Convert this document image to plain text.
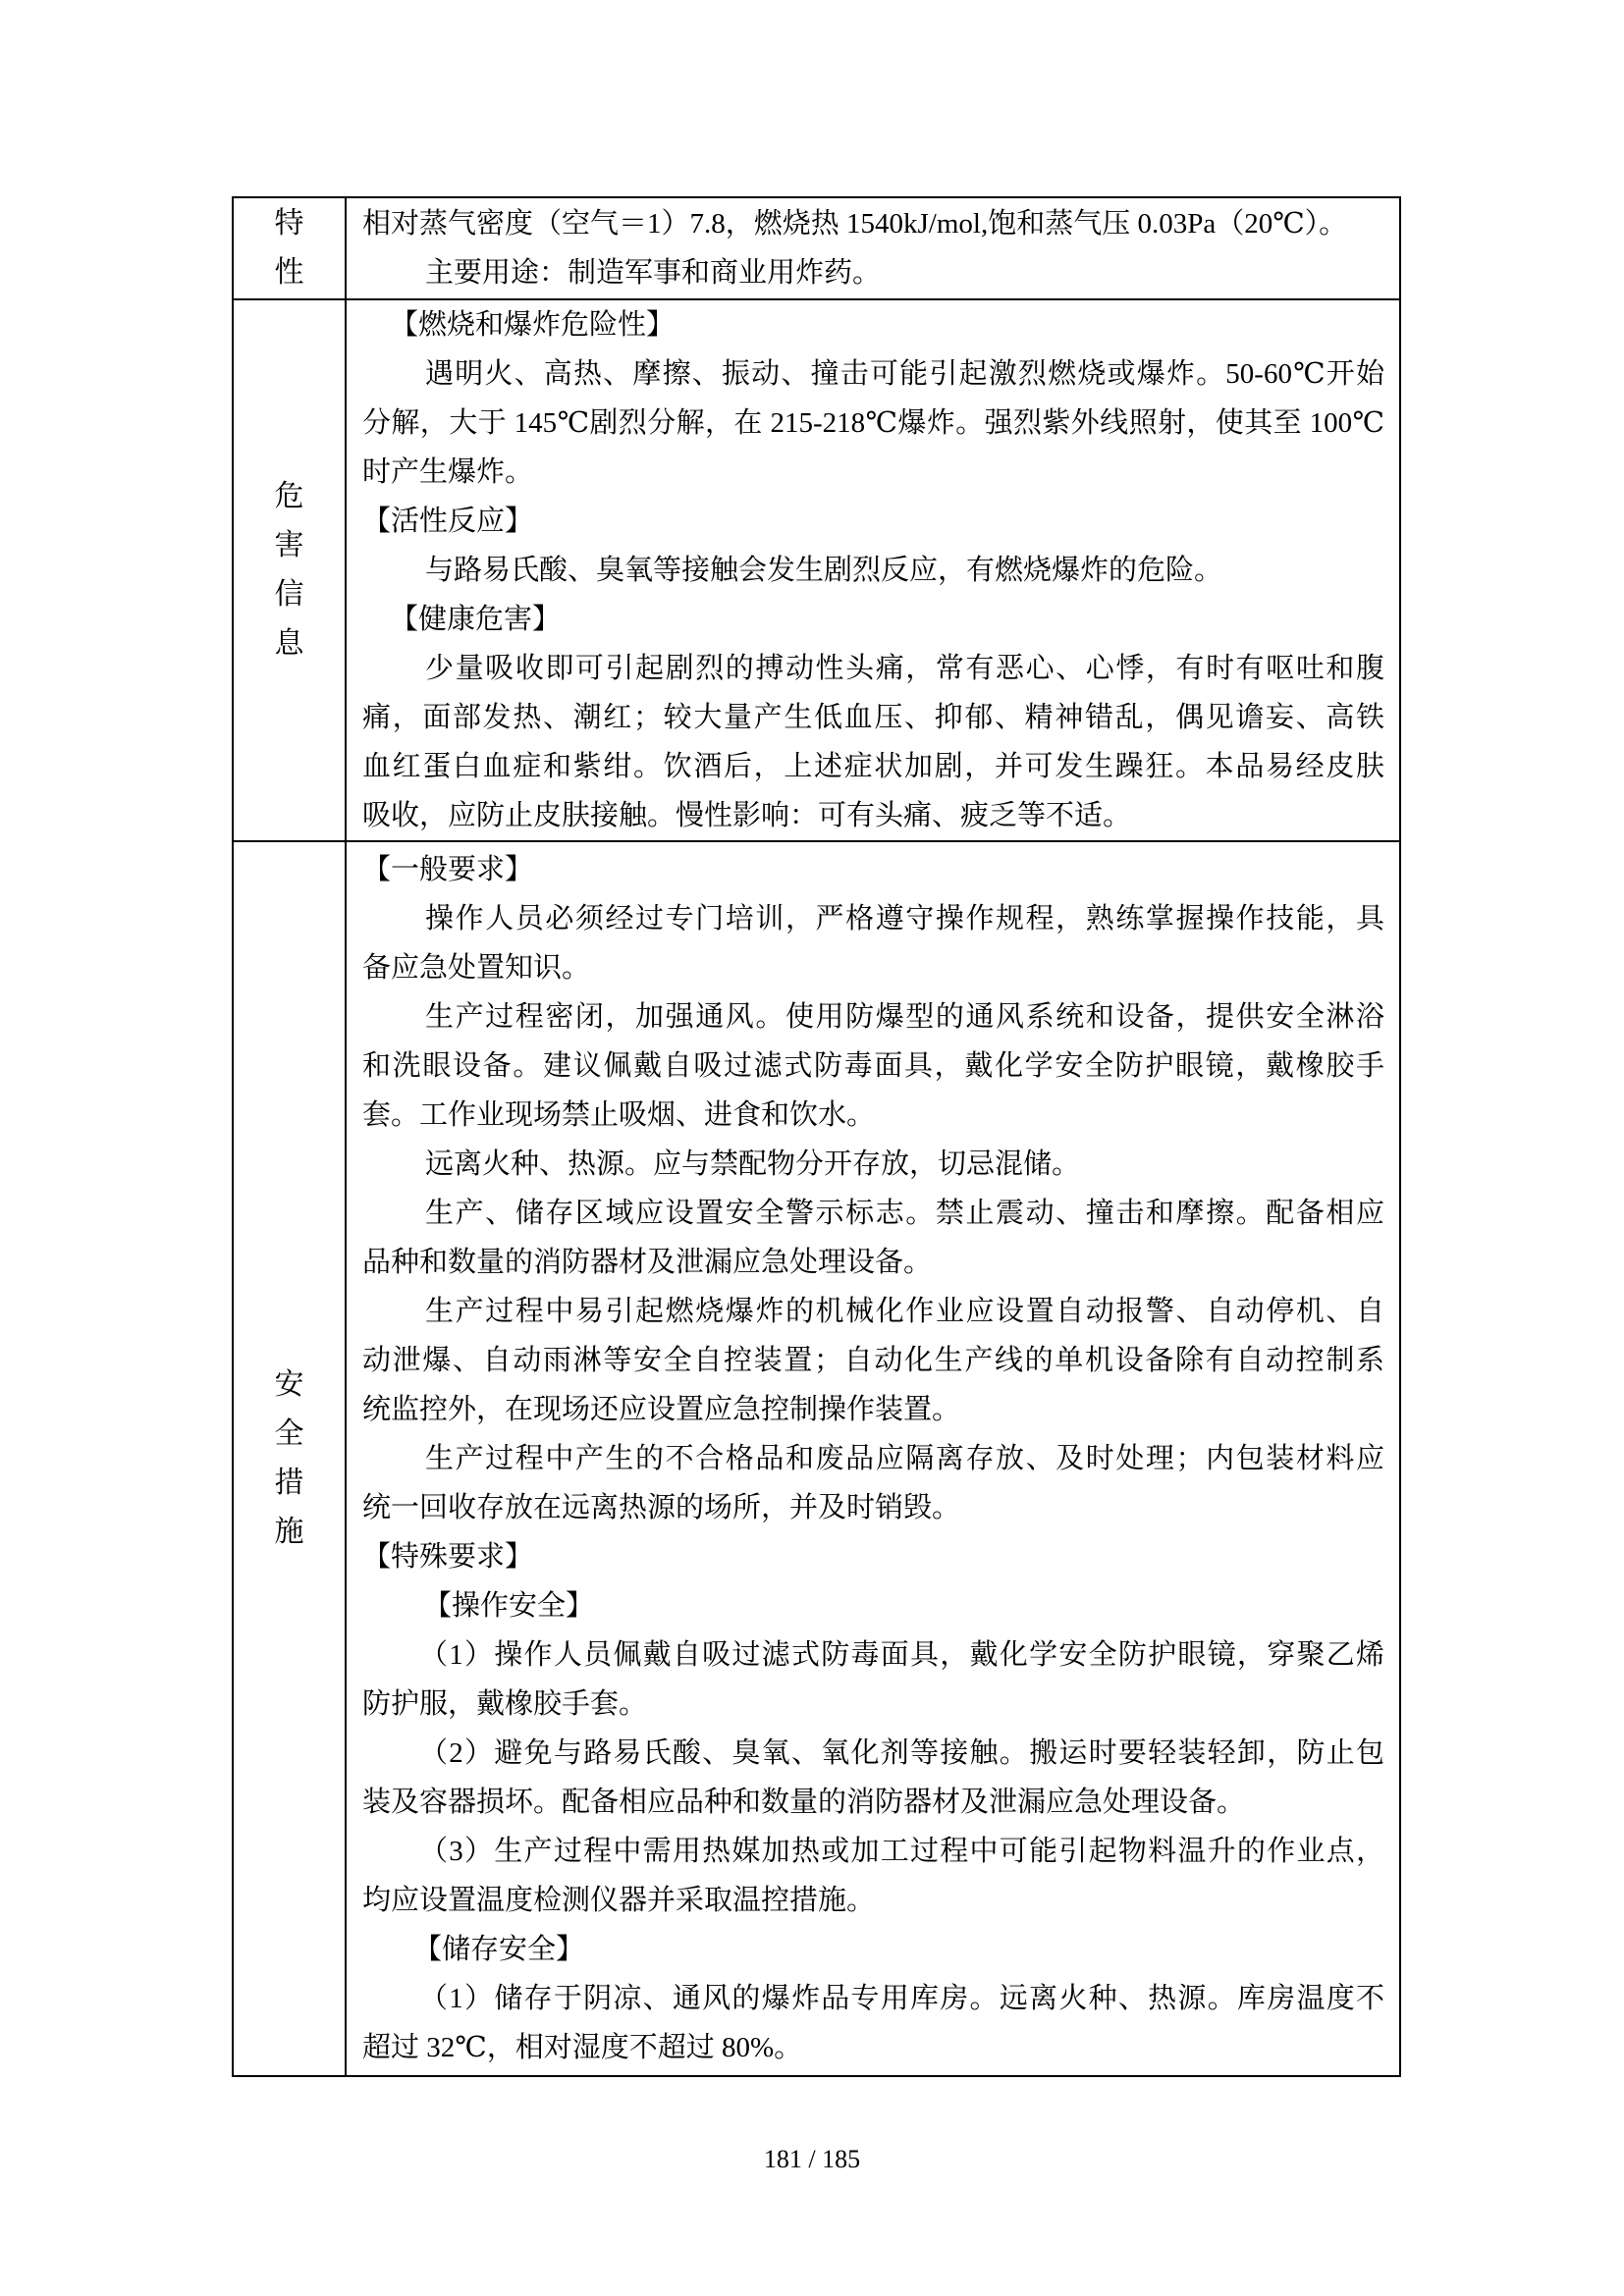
特性
相对蒸气密度（空气＝1）7.8，燃烧热 1540kJ/mol,饱和蒸气压 0.03Pa（20℃）。
主要用途：制造军事和商业用炸药。
危害信息
【燃烧和爆炸危险性】
遇明火、高热、摩擦、振动、撞击可能引起激烈燃烧或爆炸。50-60℃开始
分解，大于 145℃剧烈分解，在 215-218℃爆炸。强烈紫外线照射，使其至 100℃
时产生爆炸。
【活性反应】
与路易氏酸、臭氧等接触会发生剧烈反应，有燃烧爆炸的危险。
【健康危害】
少量吸收即可引起剧烈的搏动性头痛，常有恶心、心悸，有时有呕吐和腹
痛，面部发热、潮红；较大量产生低血压、抑郁、精神错乱，偶见谵妄、高铁
血红蛋白血症和紫绀。饮酒后，上述症状加剧，并可发生躁狂。本品易经皮肤
吸收，应防止皮肤接触。慢性影响：可有头痛、疲乏等不适。
安全措施
【一般要求】
操作人员必须经过专门培训，严格遵守操作规程，熟练掌握操作技能，具
备应急处置知识。
生产过程密闭，加强通风。使用防爆型的通风系统和设备，提供安全淋浴
和洗眼设备。建议佩戴自吸过滤式防毒面具，戴化学安全防护眼镜，戴橡胶手
套。工作业现场禁止吸烟、进食和饮水。
远离火种、热源。应与禁配物分开存放，切忌混储。
生产、储存区域应设置安全警示标志。禁止震动、撞击和摩擦。配备相应
品种和数量的消防器材及泄漏应急处理设备。
生产过程中易引起燃烧爆炸的机械化作业应设置自动报警、自动停机、自
动泄爆、自动雨淋等安全自控装置；自动化生产线的单机设备除有自动控制系
统监控外，在现场还应设置应急控制操作装置。
生产过程中产生的不合格品和废品应隔离存放、及时处理；内包装材料应
统一回收存放在远离热源的场所，并及时销毁。
【特殊要求】
【操作安全】
（1）操作人员佩戴自吸过滤式防毒面具，戴化学安全防护眼镜，穿聚乙烯
防护服，戴橡胶手套。
（2）避免与路易氏酸、臭氧、氧化剂等接触。搬运时要轻装轻卸，防止包
装及容器损坏。配备相应品种和数量的消防器材及泄漏应急处理设备。
（3）生产过程中需用热媒加热或加工过程中可能引起物料温升的作业点，
均应设置温度检测仪器并采取温控措施。
【储存安全】
（1）储存于阴凉、通风的爆炸品专用库房。远离火种、热源。库房温度不
超过 32℃，相对湿度不超过 80%。
181 / 185
